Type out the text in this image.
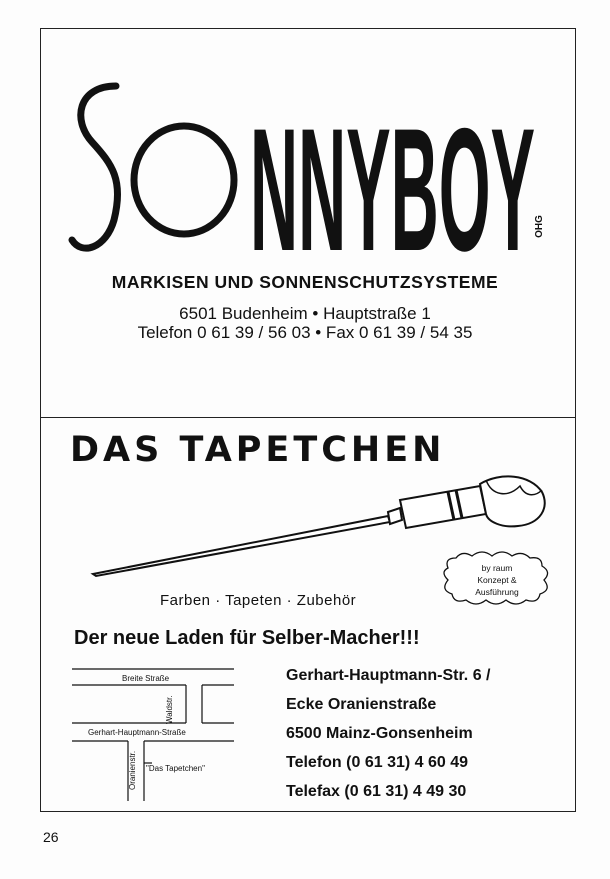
NNYBOY
OHG
MARKISEN UND SONNENSCHUTZSYSTEME
6501 Budenheim • Hauptstraße 1
Telefon 0 61 39 / 56 03 • Fax 0 61 39 / 54 35
DAS TAPETCHEN
by raum
Konzept &
Ausführung
Farben · Tapeten · Zubehör
Der neue Laden für Selber-Macher!!!
Breite Straße
Waldstr.
Gerhart-Hauptmann-Straße
Oranienstr. "Das Tapetchen"
Gerhart-Hauptmann-Str. 6 /
Ecke Oranienstraße
6500 Mainz-Gonsenheim
Telefon (0 61 31) 4 60 49
Telefax (0 61 31) 4 49 30
26
